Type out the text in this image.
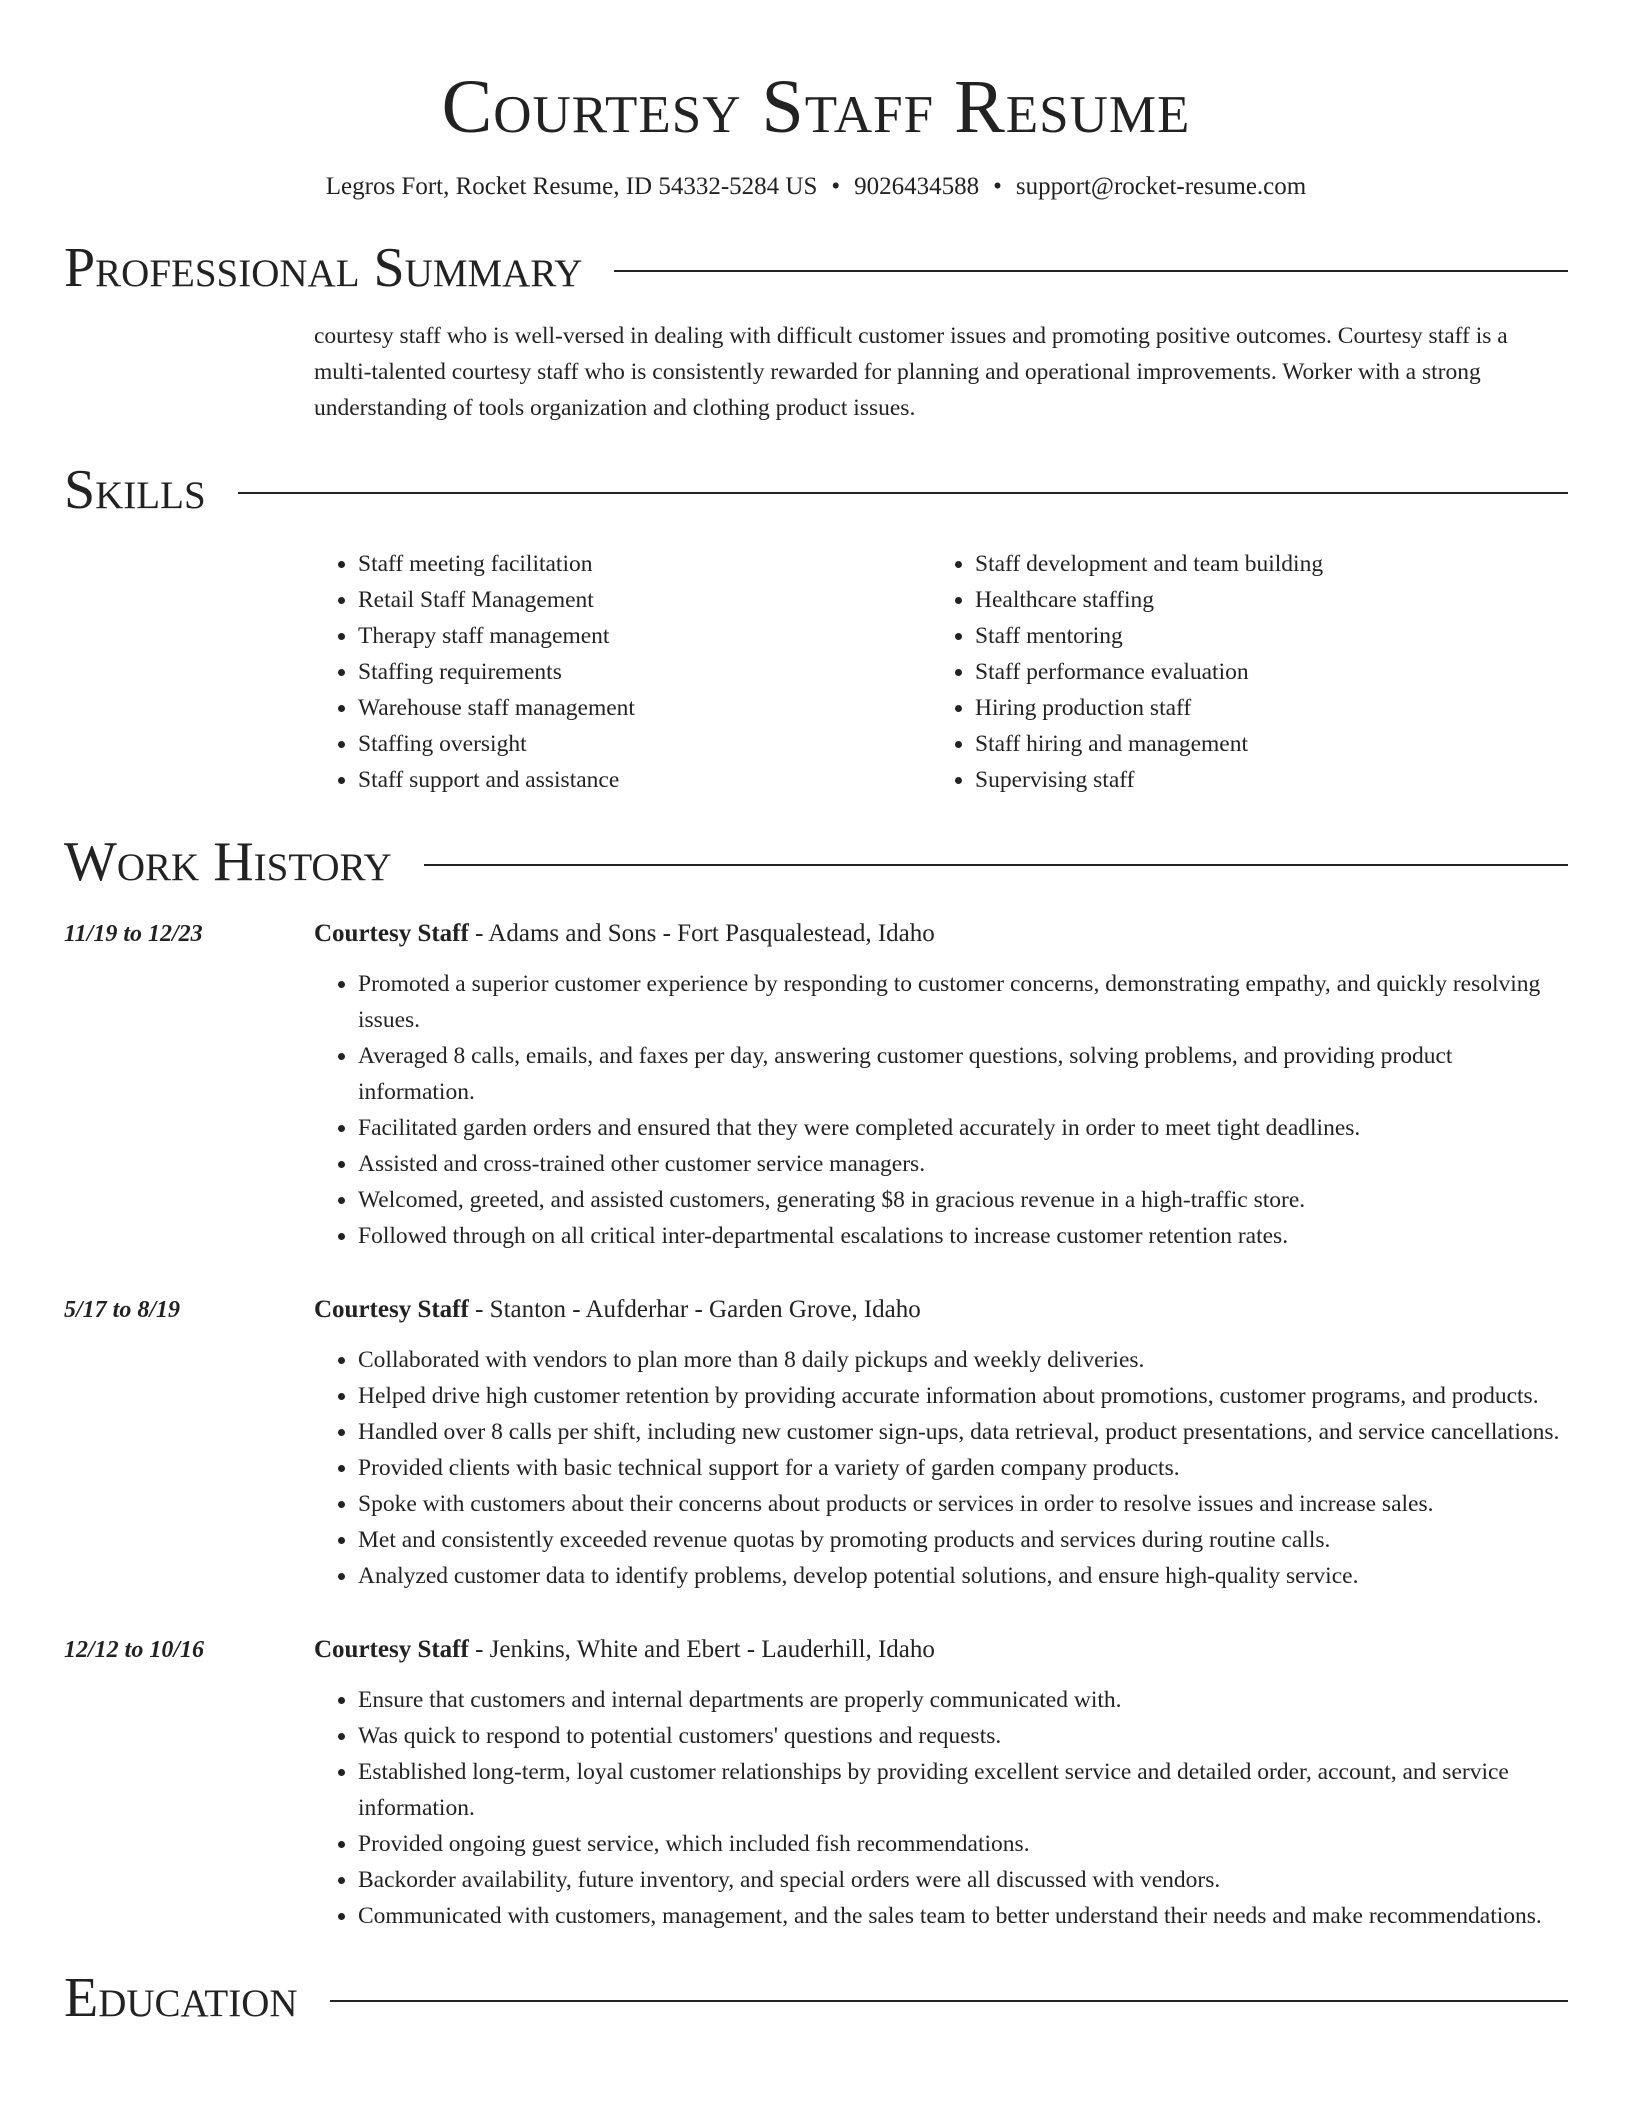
Courtesy Staff Resume
Legros Fort, Rocket Resume, ID 54332-5284 US • 9026434588 • support@rocket-resume.com
Professional Summary
courtesy staff who is well-versed in dealing with difficult customer issues and promoting positive outcomes. Courtesy staff is a multi-talented courtesy staff who is consistently rewarded for planning and operational improvements. Worker with a strong understanding of tools organization and clothing product issues.
Skills
• Staff meeting facilitation
• Retail Staff Management
• Therapy staff management
• Staffing requirements
• Warehouse staff management
• Staffing oversight
• Staff support and assistance
• Staff development and team building
• Healthcare staffing
• Staff mentoring
• Staff performance evaluation
• Hiring production staff
• Staff hiring and management
• Supervising staff
Work History
11/19 to 12/23	Courtesy Staff - Adams and Sons - Fort Pasqualestead, Idaho
• Promoted a superior customer experience by responding to customer concerns, demonstrating empathy, and quickly resolving issues.
• Averaged 8 calls, emails, and faxes per day, answering customer questions, solving problems, and providing product information.
• Facilitated garden orders and ensured that they were completed accurately in order to meet tight deadlines.
• Assisted and cross-trained other customer service managers.
• Welcomed, greeted, and assisted customers, generating $8 in gracious revenue in a high-traffic store.
• Followed through on all critical inter-departmental escalations to increase customer retention rates.
5/17 to 8/19	Courtesy Staff - Stanton - Aufderhar - Garden Grove, Idaho
• Collaborated with vendors to plan more than 8 daily pickups and weekly deliveries.
• Helped drive high customer retention by providing accurate information about promotions, customer programs, and products.
• Handled over 8 calls per shift, including new customer sign-ups, data retrieval, product presentations, and service cancellations.
• Provided clients with basic technical support for a variety of garden company products.
• Spoke with customers about their concerns about products or services in order to resolve issues and increase sales.
• Met and consistently exceeded revenue quotas by promoting products and services during routine calls.
• Analyzed customer data to identify problems, develop potential solutions, and ensure high-quality service.
12/12 to 10/16	Courtesy Staff - Jenkins, White and Ebert - Lauderhill, Idaho
• Ensure that customers and internal departments are properly communicated with.
• Was quick to respond to potential customers' questions and requests.
• Established long-term, loyal customer relationships by providing excellent service and detailed order, account, and service information.
• Provided ongoing guest service, which included fish recommendations.
• Backorder availability, future inventory, and special orders were all discussed with vendors.
• Communicated with customers, management, and the sales team to better understand their needs and make recommendations.
Education
